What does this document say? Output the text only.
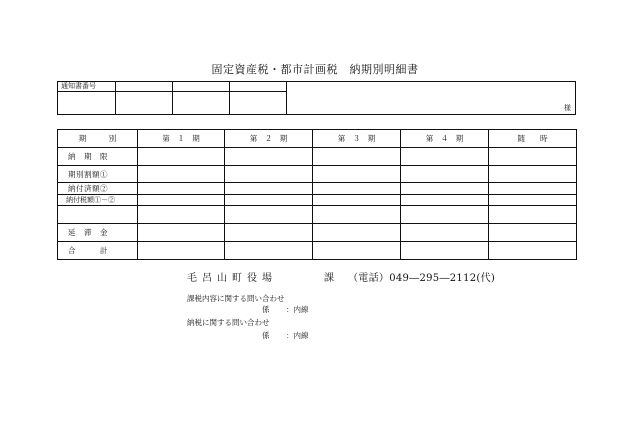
固定資産税・都市計画税　納期別明細書
通知書番号			

様
期　　　別	第　１　期	第　２　期	第　３　期	第　４　期	随　　時
納　期　限					
期別割額①					
納付済額②					
納付税額①－②					

延　滞　金					
合　　　計					
毛呂山町役場	課 （電話）049―295―2112(代)
課税内容に関する問い合わせ
係 ：内線
納税に関する問い合わせ
係 ：内線
